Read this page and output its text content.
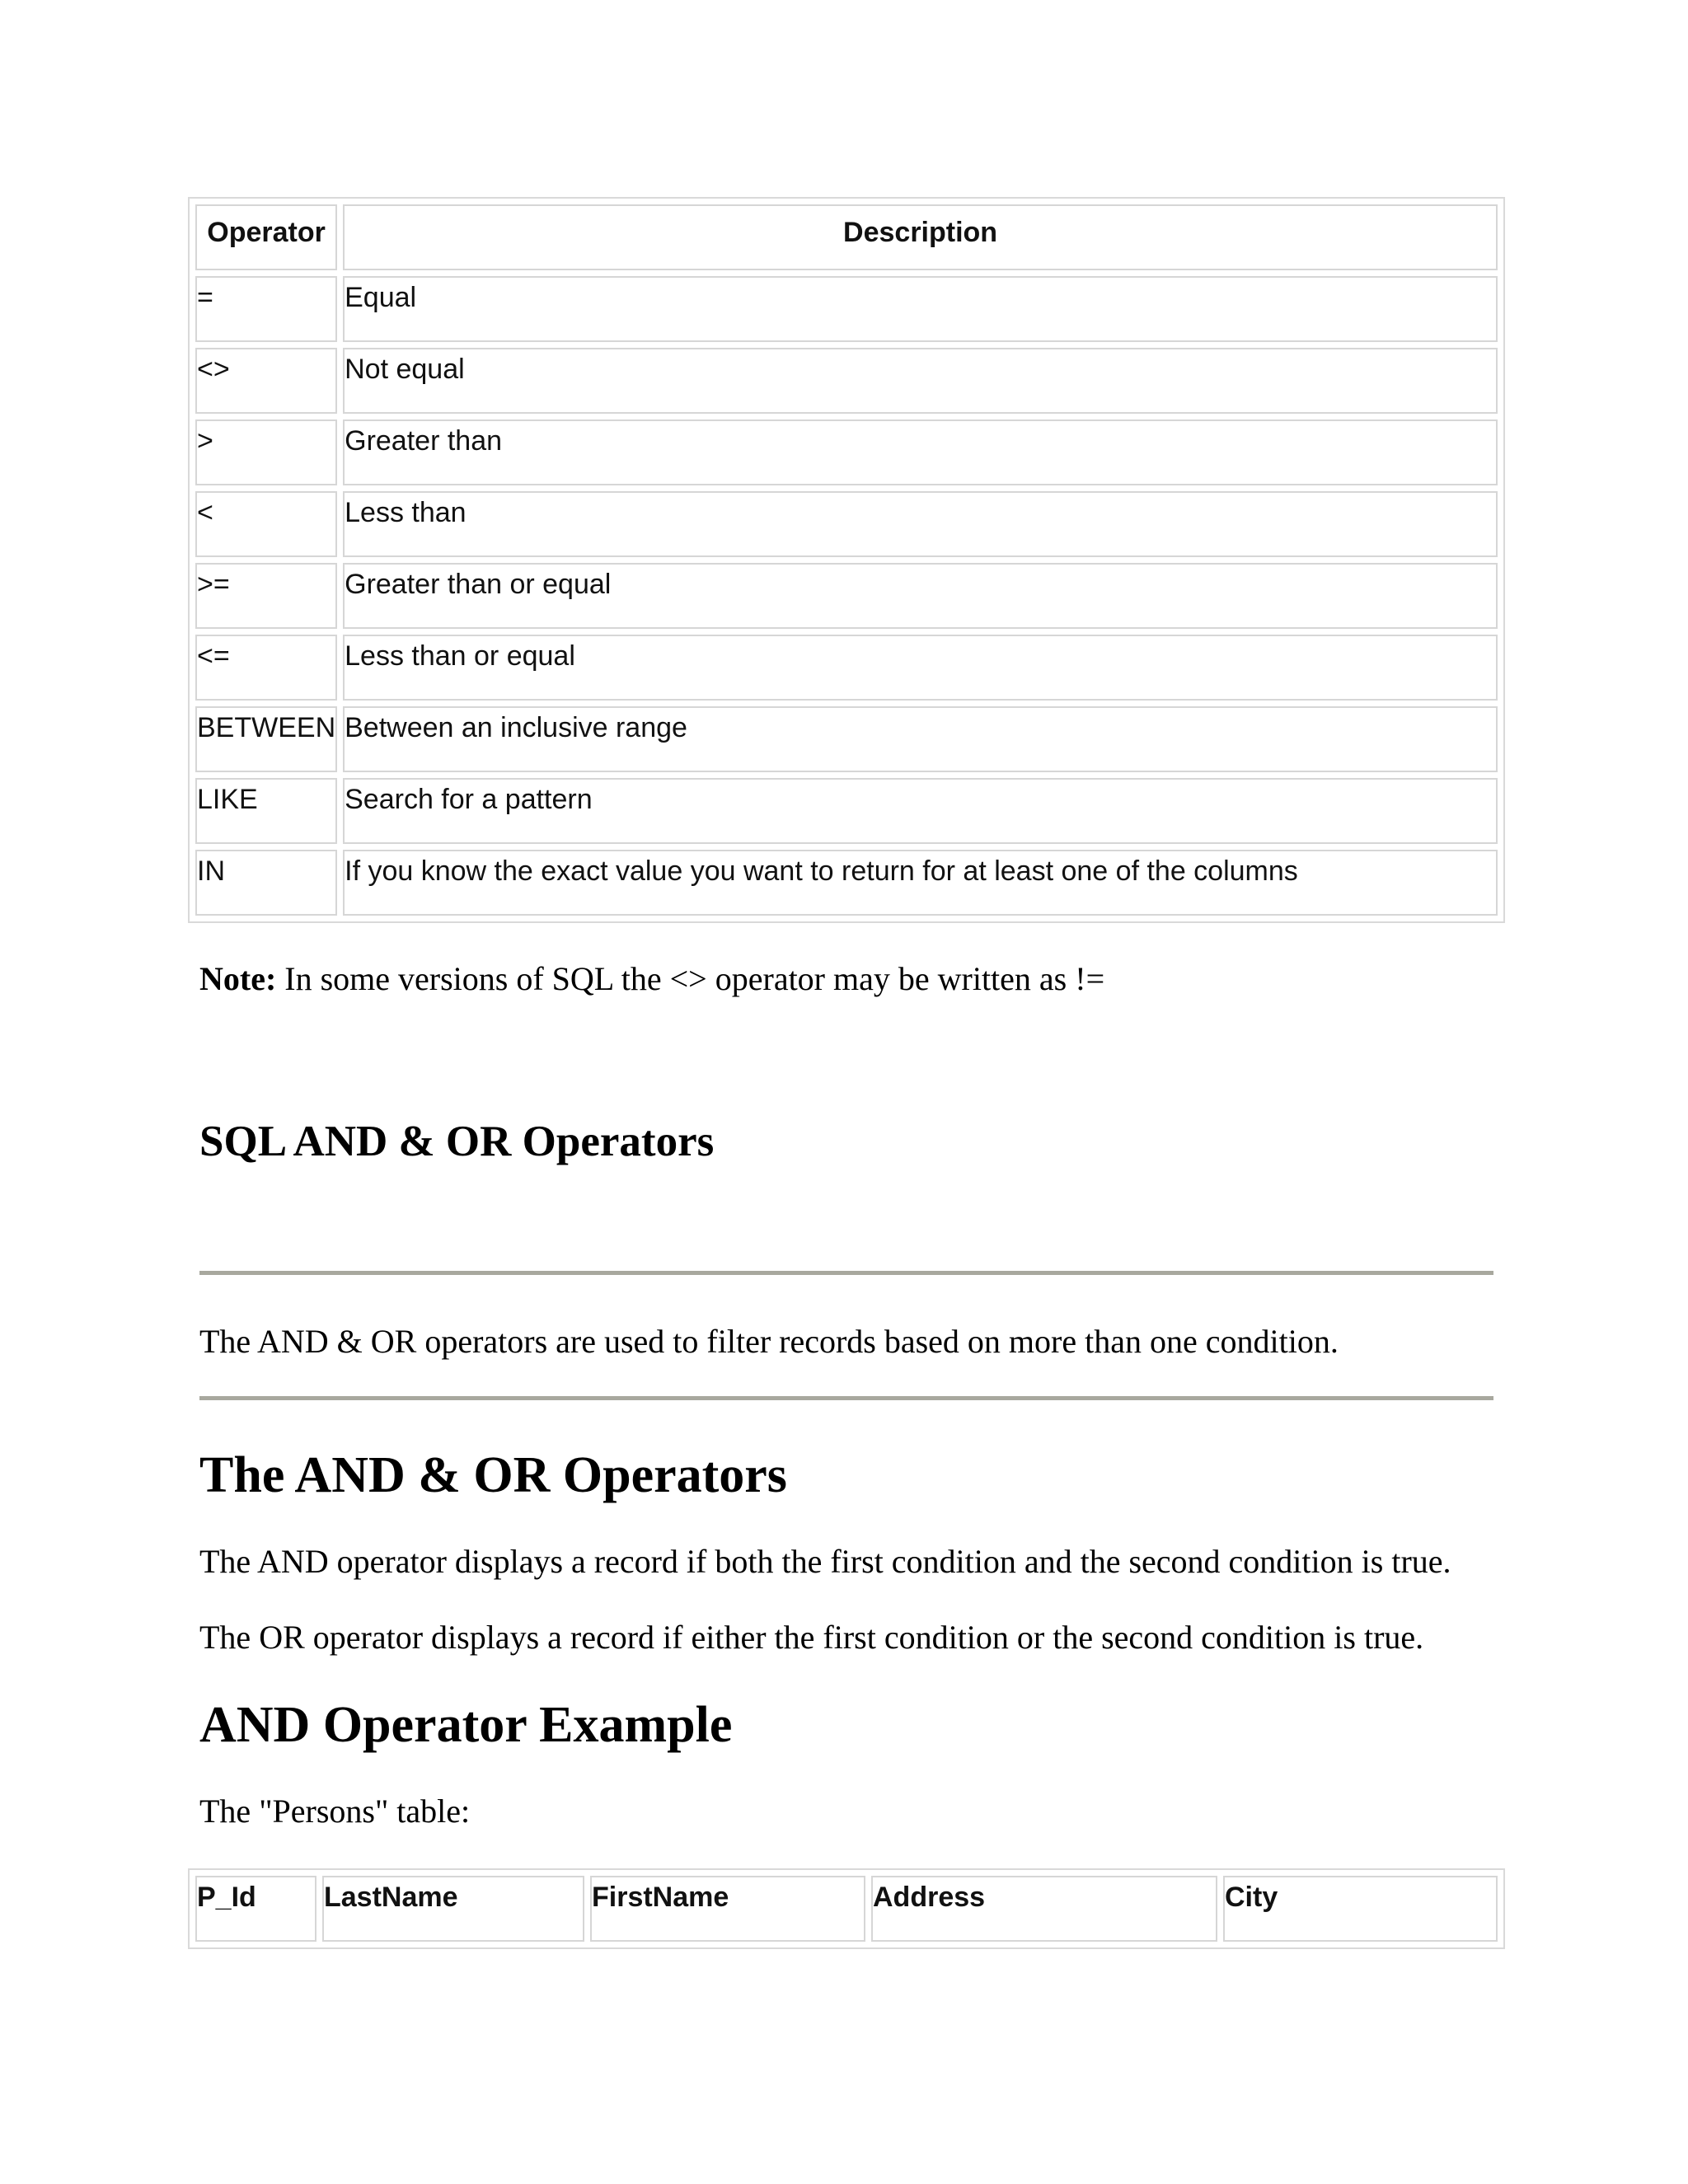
Operator	Description
=	Equal
<>	Not equal
>	Greater than
<	Less than
>=	Greater than or equal
<=	Less than or equal
BETWEEN	Between an inclusive range
LIKE	Search for a pattern
IN	If you know the exact value you want to return for at least one of the columns
Note: In some versions of SQL the <> operator may be written as !=
SQL AND & OR Operators
The AND & OR operators are used to filter records based on more than one condition.
The AND & OR Operators
The AND operator displays a record if both the first condition and the second condition is true.
The OR operator displays a record if either the first condition or the second condition is true.
AND Operator Example
The "Persons" table:
P_Id	LastName	FirstName	Address	City
